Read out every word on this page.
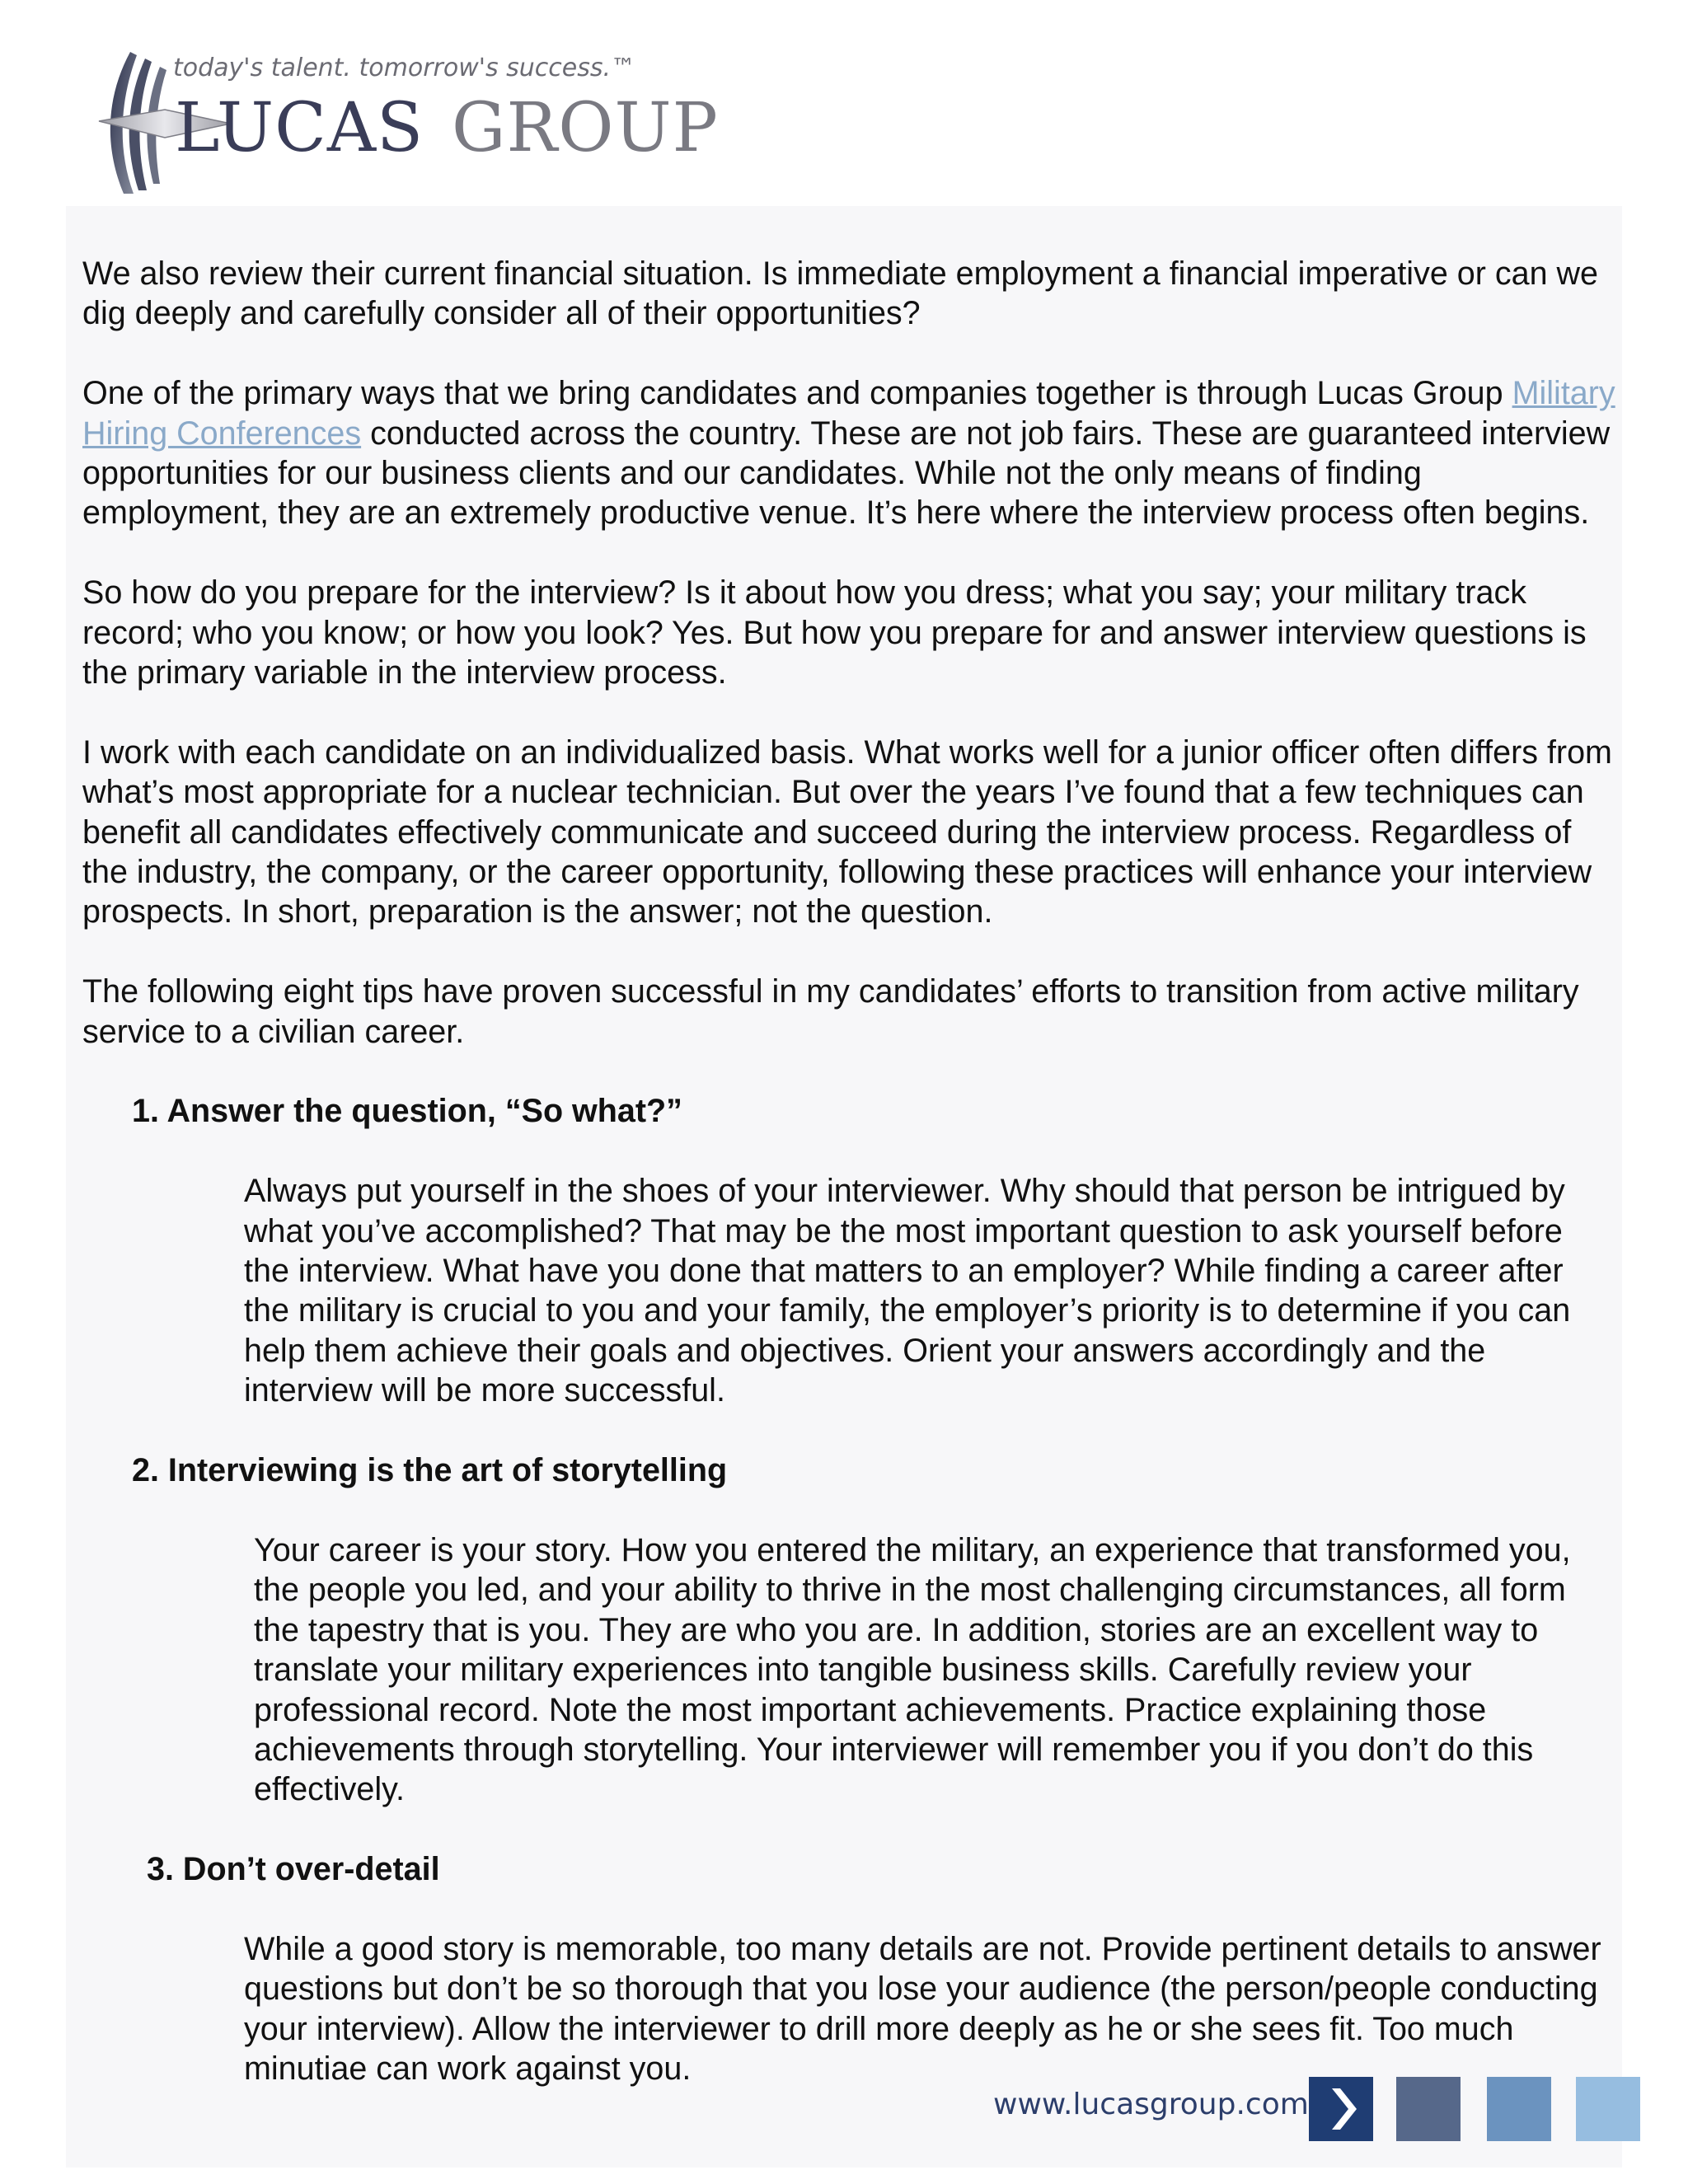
today's talent. tomorrow's success.™
LUCAS GROUP

We also review their current financial situation. Is immediate employment a financial imperative or can we dig deeply and carefully consider all of their opportunities?

One of the primary ways that we bring candidates and companies together is through Lucas Group Military Hiring Conferences conducted across the country. These are not job fairs. These are guaranteed interview opportunities for our business clients and our candidates. While not the only means of finding employment, they are an extremely productive venue. It’s here where the interview process often begins.

So how do you prepare for the interview? Is it about how you dress; what you say; your military track record; who you know; or how you look? Yes. But how you prepare for and answer interview questions is the primary variable in the interview process.

I work with each candidate on an individualized basis. What works well for a junior officer often differs from what’s most appropriate for a nuclear technician. But over the years I’ve found that a few techniques can benefit all candidates effectively communicate and succeed during the interview process. Regardless of the industry, the company, or the career opportunity, following these practices will enhance your interview prospects. In short, preparation is the answer; not the question.

The following eight tips have proven successful in my candidates’ efforts to transition from active military service to a civilian career.

1. Answer the question, “So what?”

Always put yourself in the shoes of your interviewer. Why should that person be intrigued by what you’ve accomplished? That may be the most important question to ask yourself before the interview. What have you done that matters to an employer? While finding a career after the military is crucial to you and your family, the employer’s priority is to determine if you can help them achieve their goals and objectives. Orient your answers accordingly and the interview will be more successful.

2. Interviewing is the art of storytelling

Your career is your story. How you entered the military, an experience that transformed you, the people you led, and your ability to thrive in the most challenging circumstances, all form the tapestry that is you. They are who you are. In addition, stories are an excellent way to translate your military experiences into tangible business skills. Carefully review your professional record. Note the most important achievements. Practice explaining those achievements through storytelling. Your interviewer will remember you if you don’t do this effectively.

3. Don’t over-detail

While a good story is memorable, too many details are not. Provide pertinent details to answer questions but don’t be so thorough that you lose your audience (the person/people conducting your interview). Allow the interviewer to drill more deeply as he or she sees fit. Too much minutiae can work against you.

www.lucasgroup.com
